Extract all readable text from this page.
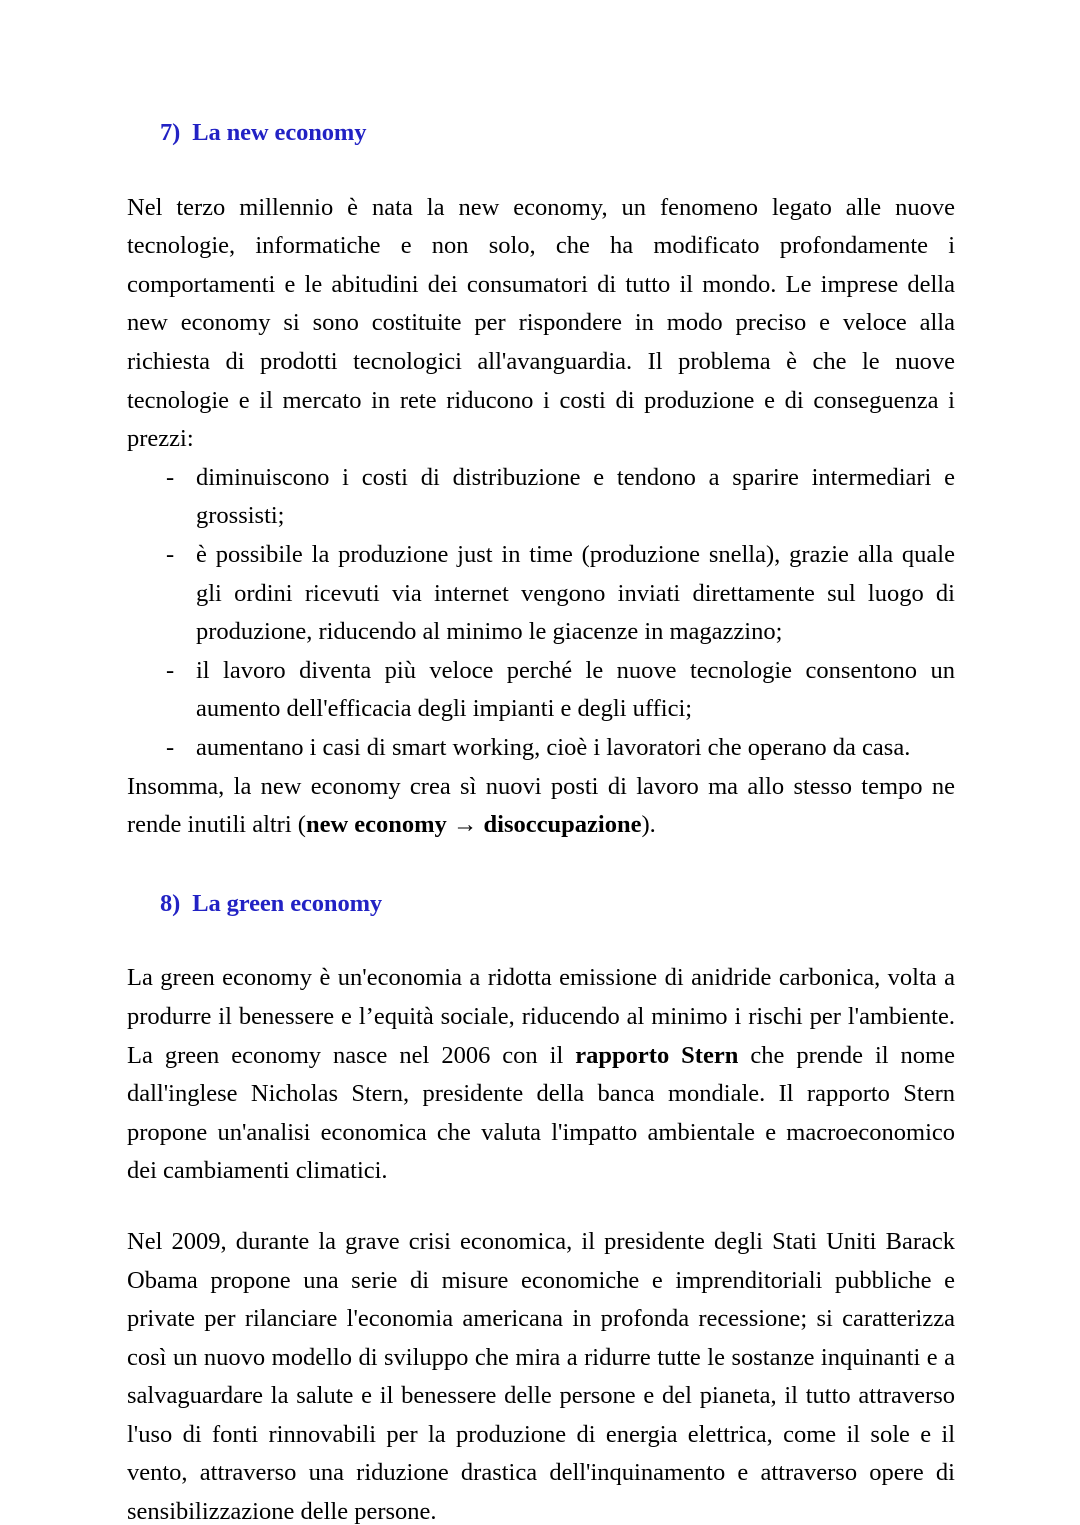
7) La new economy

Nel terzo millennio è nata la new economy, un fenomeno legato alle nuove tecnologie, informatiche e non solo, che ha modificato profondamente i comportamenti e le abitudini dei consumatori di tutto il mondo. Le imprese della new economy si sono costituite per rispondere in modo preciso e veloce alla richiesta di prodotti tecnologici all'avanguardia. Il problema è che le nuove tecnologie e il mercato in rete riducono i costi di produzione e di conseguenza i prezzi:

- diminuiscono i costi di distribuzione e tendono a sparire intermediari e grossisti;
- è possibile la produzione just in time (produzione snella), grazie alla quale gli ordini ricevuti via internet vengono inviati direttamente sul luogo di produzione, riducendo al minimo le giacenze in magazzino;
- il lavoro diventa più veloce perché le nuove tecnologie consentono un aumento dell'efficacia degli impianti e degli uffici;
- aumentano i casi di smart working, cioè i lavoratori che operano da casa.

Insomma, la new economy crea sì nuovi posti di lavoro ma allo stesso tempo ne rende inutili altri (new economy → disoccupazione).

8) La green economy

La green economy è un'economia a ridotta emissione di anidride carbonica, volta a produrre il benessere e l’equità sociale, riducendo al minimo i rischi per l'ambiente. La green economy nasce nel 2006 con il rapporto Stern che prende il nome dall'inglese Nicholas Stern, presidente della banca mondiale. Il rapporto Stern propone un'analisi economica che valuta l'impatto ambientale e macroeconomico dei cambiamenti climatici.

Nel 2009, durante la grave crisi economica, il presidente degli Stati Uniti Barack Obama propone una serie di misure economiche e imprenditoriali pubbliche e private per rilanciare l'economia americana in profonda recessione; si caratterizza così un nuovo modello di sviluppo che mira a ridurre tutte le sostanze inquinanti e a salvaguardare la salute e il benessere delle persone e del pianeta, il tutto attraverso l'uso di fonti rinnovabili per la produzione di energia elettrica, come il sole e il vento, attraverso una riduzione drastica dell'inquinamento e attraverso opere di sensibilizzazione delle persone.
